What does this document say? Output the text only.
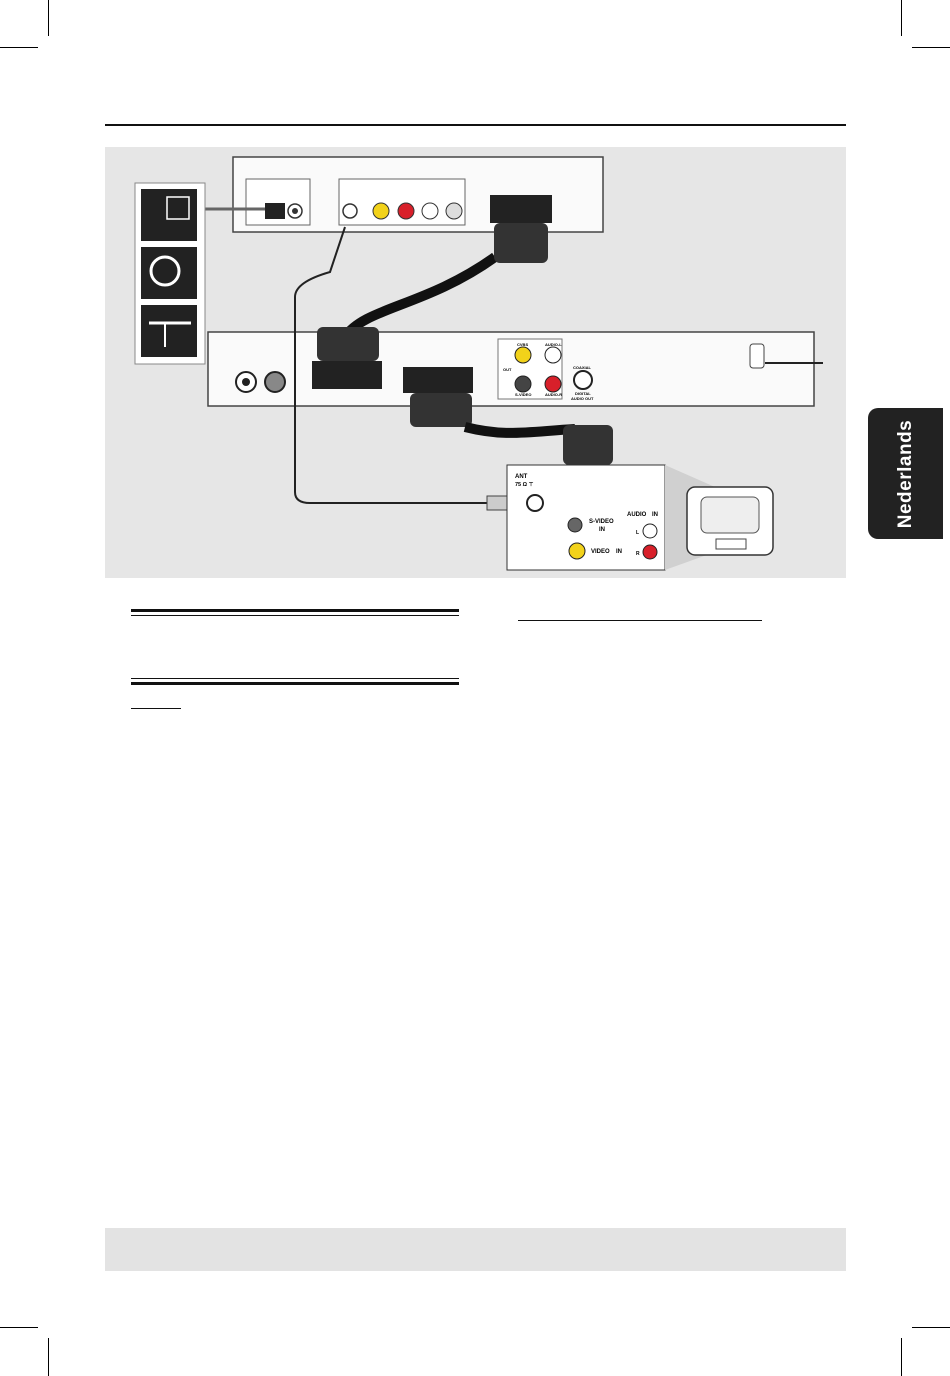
CVBS
OUT
S-VIDEO
AUDIO-L
AUDIO-R
COAXIAL
DIGITAL
AUDIO OUT
ANT
75 Ω ⊤
S-VIDEO
IN
VIDEO IN
AUDIO IN
L
R
Nederlands
